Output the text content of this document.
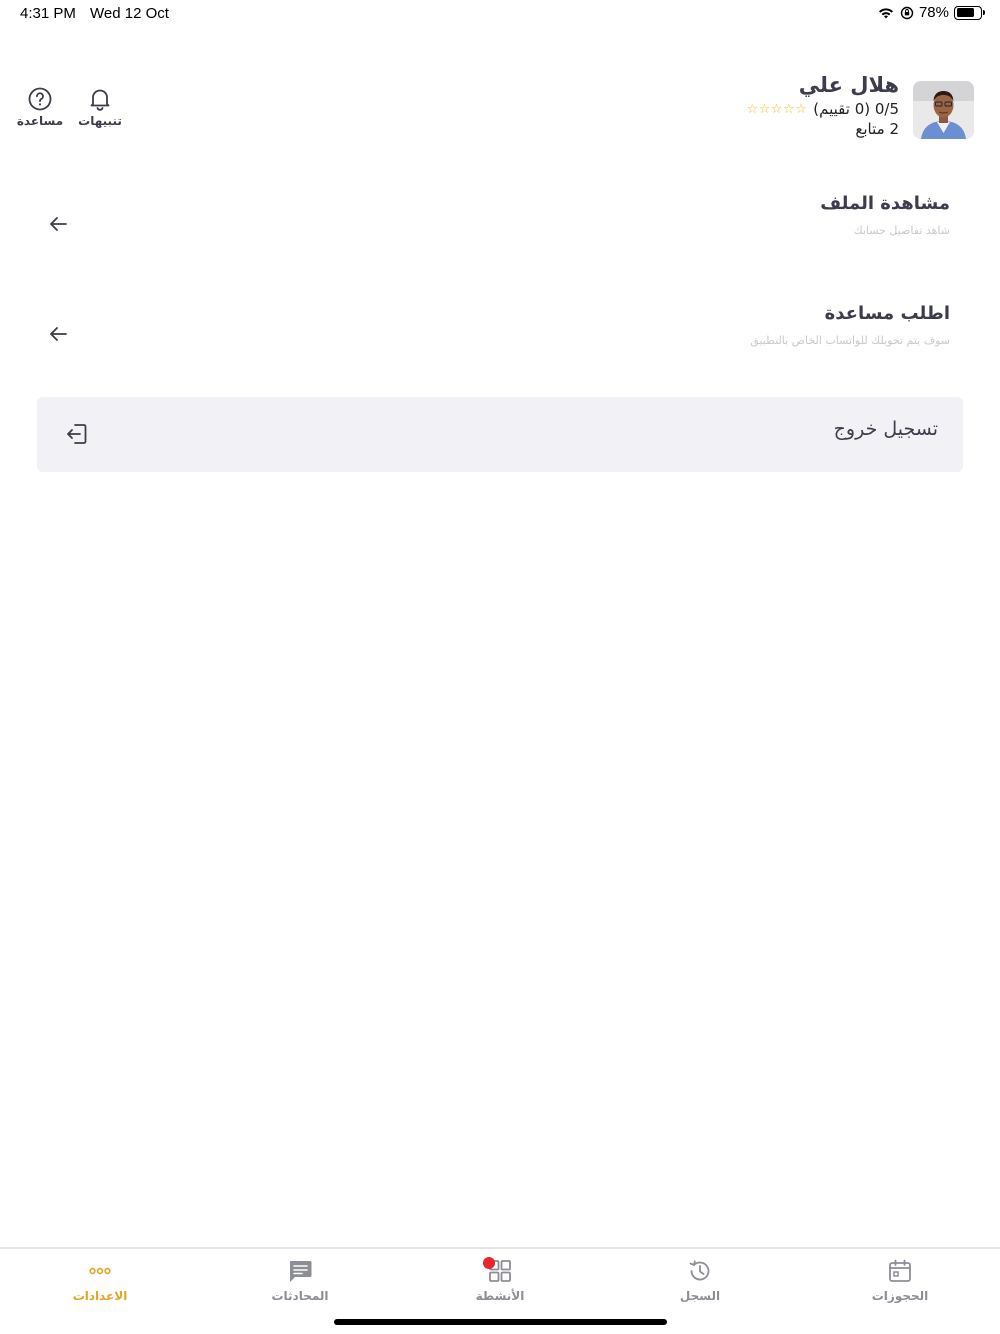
4:31 PM Wed 12 Oct	78%
هلال علي
0/5 (0 تقييم)
☆☆☆☆☆
2 متابع
مساعدة تنبيهات
مشاهدة الملف
شاهد تفاصيل حسابك
اطلب مساعدة
سوف يتم تحويلك للواتساب الخاص بالتطبيق
تسجيل خروج
الاعدادات	المحادثات	الأنشطة	السجل	الحجوزات
